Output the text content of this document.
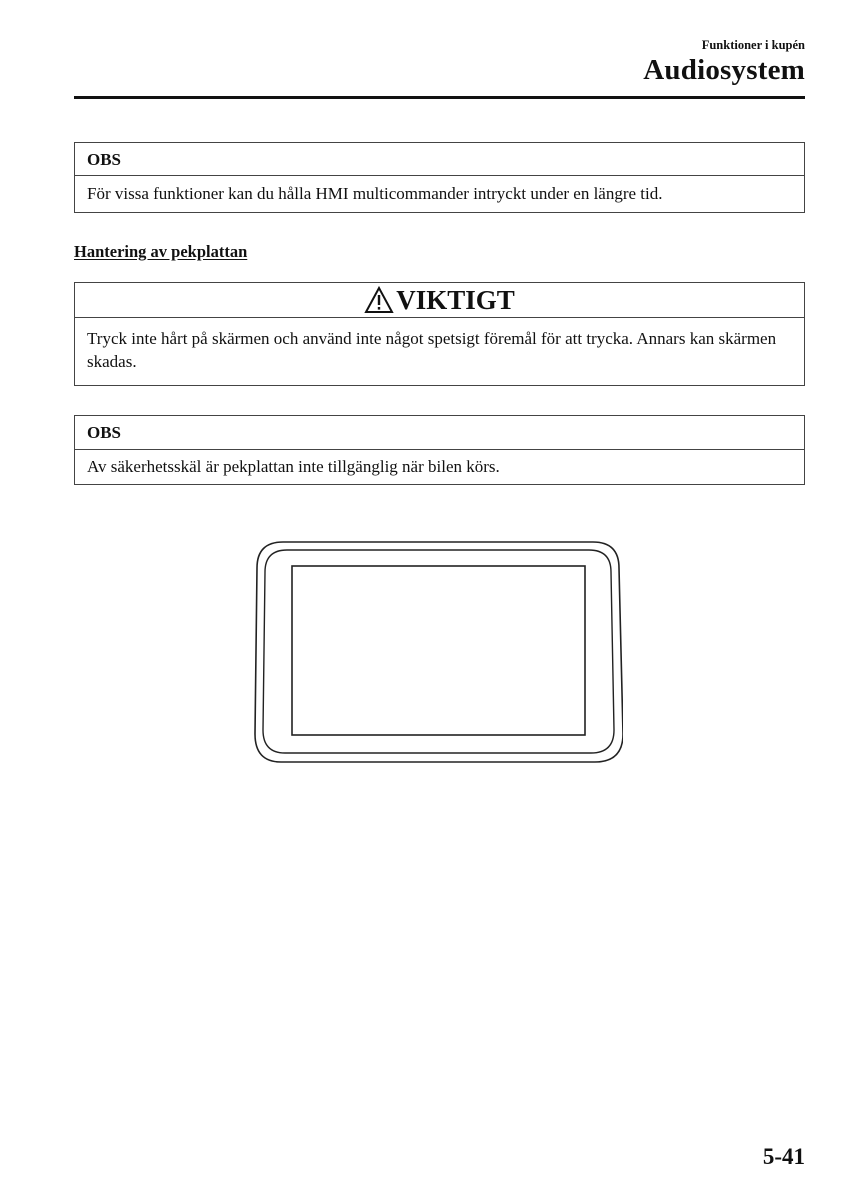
Funktioner i kupén
Audiosystem
OBS
För vissa funktioner kan du hålla HMI multicommander intryckt under en längre tid.
Hantering av pekplattan
VIKTIGT
Tryck inte hårt på skärmen och använd inte något spetsigt föremål för att trycka. Annars kan skärmen skadas.
OBS
Av säkerhetsskäl är pekplattan inte tillgänglig när bilen körs.
5-41
